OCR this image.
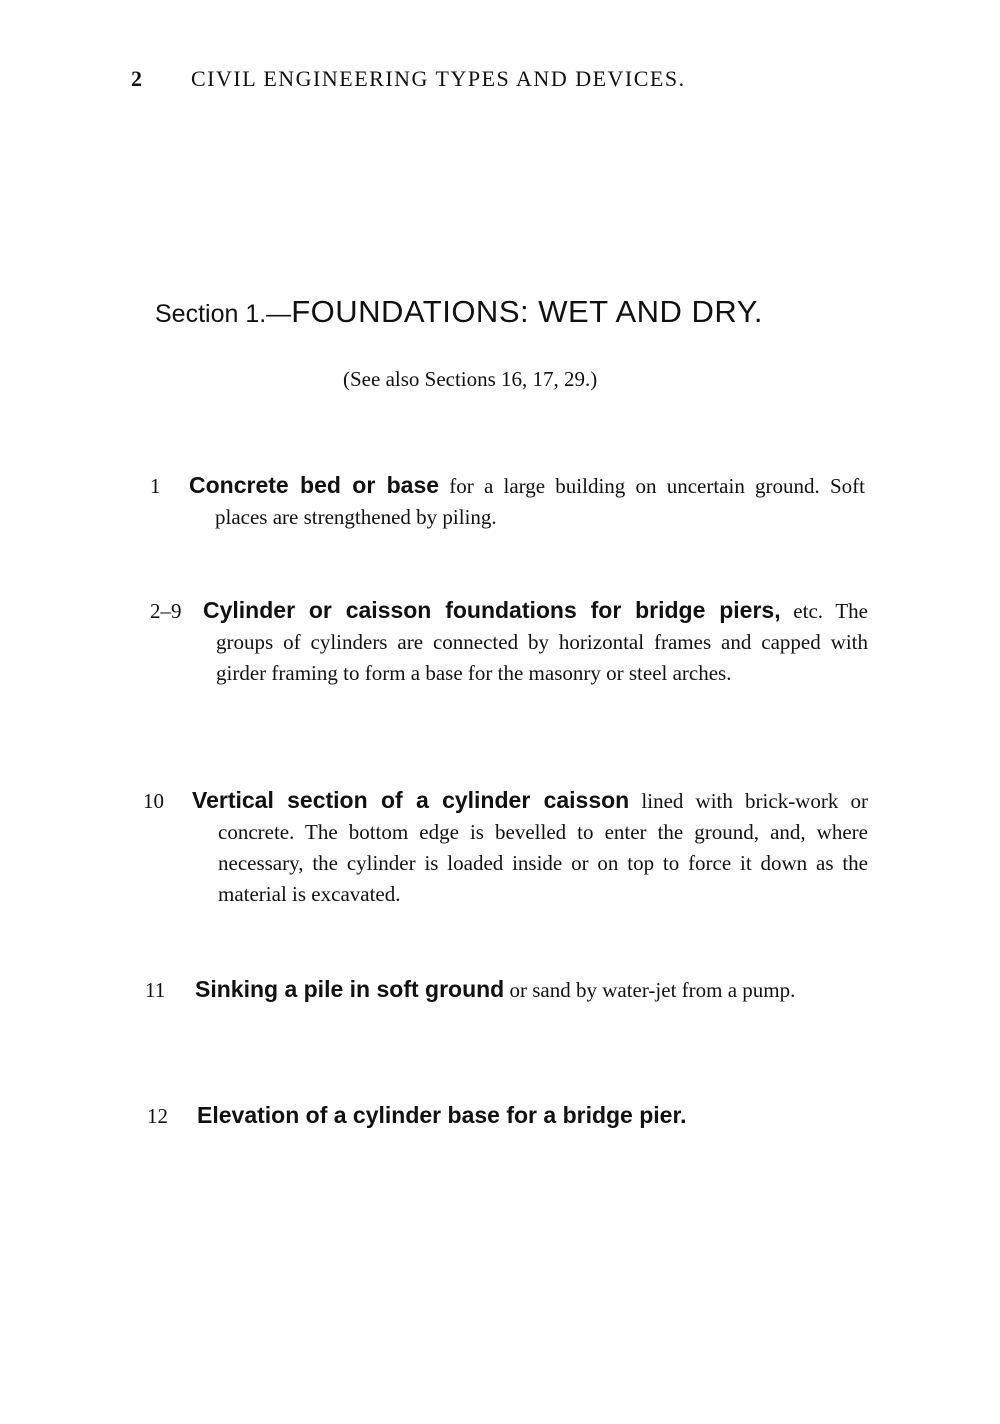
2 CIVIL ENGINEERING TYPES AND DEVICES.
Section 1.—FOUNDATIONS: WET AND DRY.
(See also Sections 16, 17, 29.)
1 Concrete bed or base for a large building on uncertain ground. Soft places are strengthened by piling.

2–9 Cylinder or caisson foundations for bridge piers, etc. The groups of cylinders are connected by horizontal frames and capped with girder framing to form a base for the masonry or steel arches.

10 Vertical section of a cylinder caisson lined with brick-work or concrete. The bottom edge is bevelled to enter the ground, and, where necessary, the cylinder is loaded inside or on top to force it down as the material is excavated.

11 Sinking a pile in soft ground or sand by water-jet from a pump.

12 Elevation of a cylinder base for a bridge pier.
